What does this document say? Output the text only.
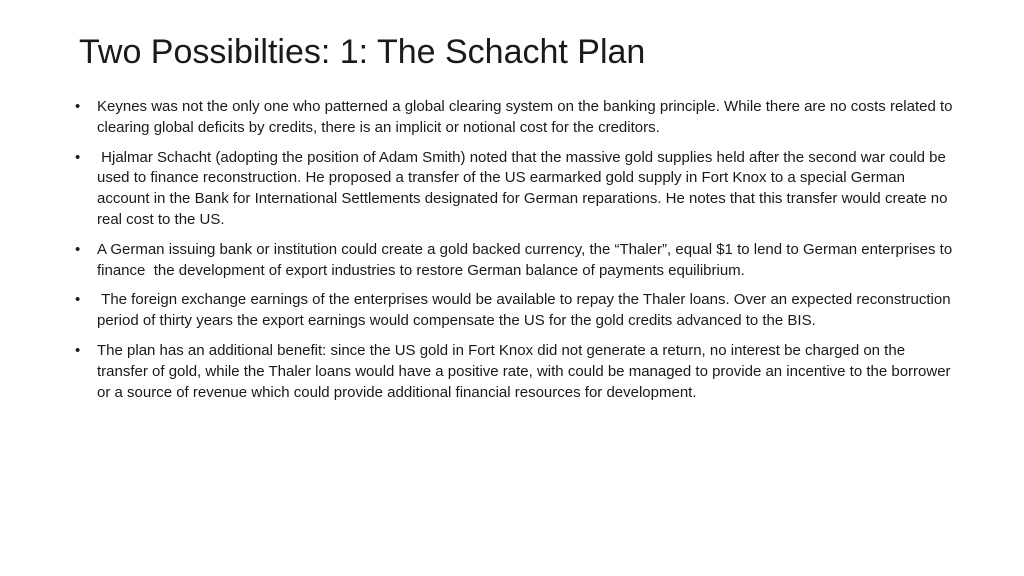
Two Possibilties: 1: The Schacht Plan
•	Keynes was not the only one who patterned a global clearing system on the banking principle. While there are no costs related to clearing global deficits by credits, there is an implicit or notional cost for the creditors.
•	Hjalmar Schacht (adopting the position of Adam Smith) noted that the massive gold supplies held after the second war could be used to finance reconstruction. He proposed a transfer of the US earmarked gold supply in Fort Knox to a special German account in the Bank for International Settlements designated for German reparations. He notes that this transfer would create no real cost to the US.
•	A German issuing bank or institution could create a gold backed currency, the “Thaler”, equal $1 to lend to German enterprises to finance  the development of export industries to restore German balance of payments equilibrium.
•	The foreign exchange earnings of the enterprises would be available to repay the Thaler loans. Over an expected reconstruction period of thirty years the export earnings would compensate the US for the gold credits advanced to the BIS.
•	The plan has an additional benefit: since the US gold in Fort Knox did not generate a return, no interest be charged on the transfer of gold, while the Thaler loans would have a positive rate, with could be managed to provide an incentive to the borrower or a source of revenue which could provide additional financial resources for development.
